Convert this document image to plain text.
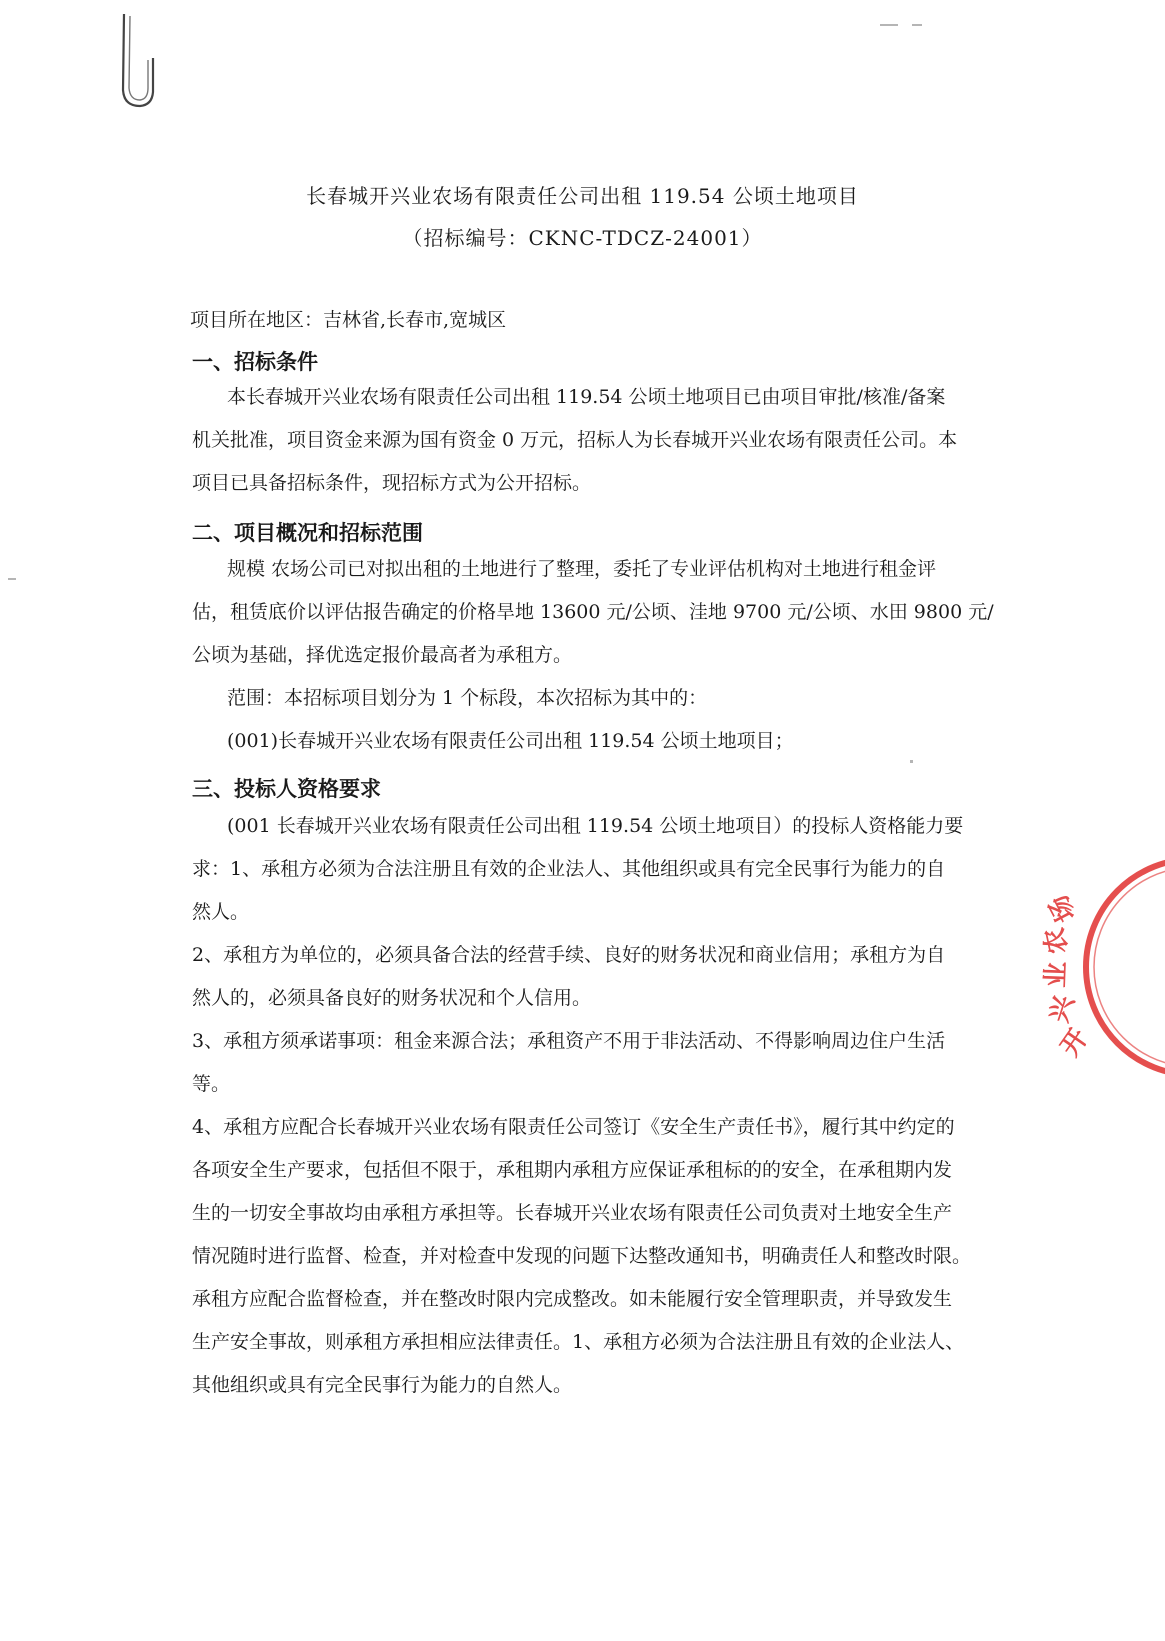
长春城开兴业农场有限责任公司出租 119.54 公顷土地项目
（招标编号：CKNC-TDCZ-24001）
项目所在地区：吉林省,长春市,宽城区
一、招标条件
本长春城开兴业农场有限责任公司出租 119.54 公顷土地项目已由项目审批/核准/备案
机关批准，项目资金来源为国有资金 0 万元，招标人为长春城开兴业农场有限责任公司。本
项目已具备招标条件，现招标方式为公开招标。
二、项目概况和招标范围
规模 农场公司已对拟出租的土地进行了整理，委托了专业评估机构对土地进行租金评
估，租赁底价以评估报告确定的价格旱地 13600 元/公顷、洼地 9700 元/公顷、水田 9800 元/
公顷为基础，择优选定报价最高者为承租方。
范围：本招标项目划分为 1 个标段，本次招标为其中的：
(001)长春城开兴业农场有限责任公司出租 119.54 公顷土地项目；
三、投标人资格要求
(001 长春城开兴业农场有限责任公司出租 119.54 公顷土地项目）的投标人资格能力要
求：1、承租方必须为合法注册且有效的企业法人、其他组织或具有完全民事行为能力的自
然人。
2、承租方为单位的，必须具备合法的经营手续、良好的财务状况和商业信用；承租方为自
然人的，必须具备良好的财务状况和个人信用。
3、承租方须承诺事项：租金来源合法；承租资产不用于非法活动、不得影响周边住户生活
等。
4、承租方应配合长春城开兴业农场有限责任公司签订《安全生产责任书》，履行其中约定的
各项安全生产要求，包括但不限于，承租期内承租方应保证承租标的的安全，在承租期内发
生的一切安全事故均由承租方承担等。长春城开兴业农场有限责任公司负责对土地安全生产
情况随时进行监督、检查，并对检查中发现的问题下达整改通知书，明确责任人和整改时限。
承租方应配合监督检查，并在整改时限内完成整改。如未能履行安全管理职责，并导致发生
生产安全事故，则承租方承担相应法律责任。1、承租方必须为合法注册且有效的企业法人、
其他组织或具有完全民事行为能力的自然人。
开
兴
业
农
场
